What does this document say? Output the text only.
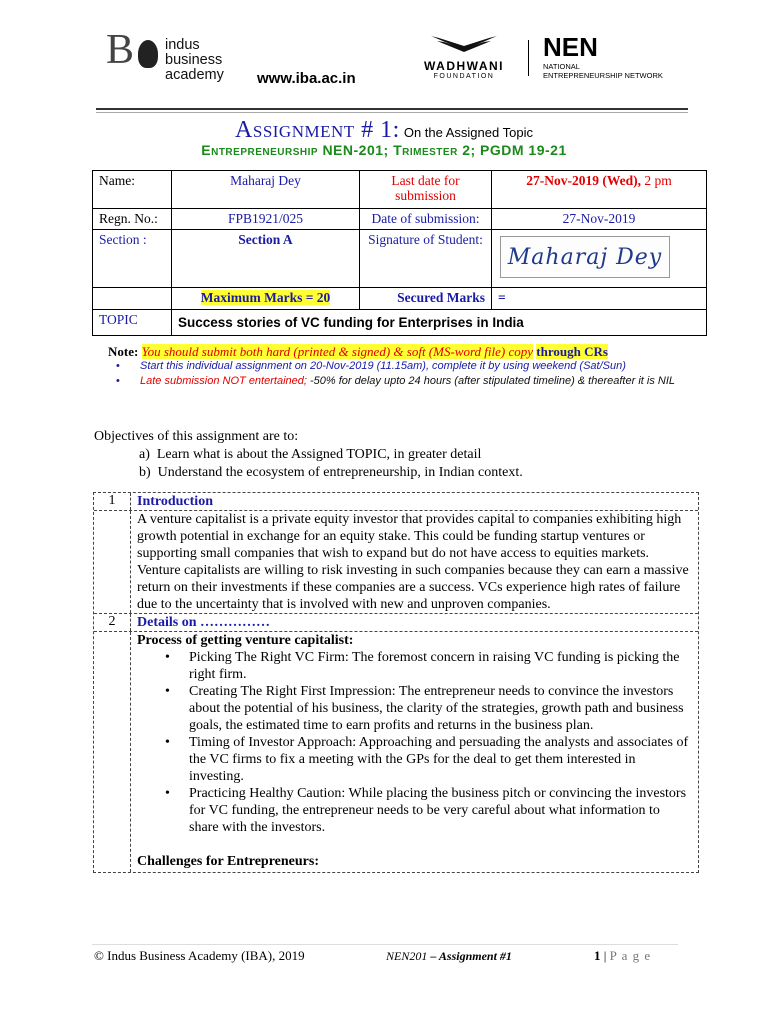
B indus
business
academy www.iba.ac.in
WADHWANI
FOUNDATION
NEN
NATIONAL
ENTREPRENEURSHIP NETWORK
Assignment # 1: On the Assigned Topic
Entrepreneurship NEN-201; Trimester 2; PGDM 19-21
Name:	Maharaj Dey	Last date for submission	27-Nov-2019 (Wed), 2 pm
Regn. No.:	FPB1921/025	Date of submission:	27-Nov-2019
Section :	Section A	Signature of Student:	Maharaj Dey

	Maximum Marks = 20	Secured Marks	=
TOPIC	Success stories of VC funding for Enterprises in India		
Note: You should submit both hard (printed & signed) & soft (MS-word file) copy through CRs
• Start this individual assignment on 20-Nov-2019 (11.15am), complete it by using weekend (Sat/Sun)
• Late submission NOT entertained; -50% for delay upto 24 hours (after stipulated timeline) & thereafter it is NIL
Objectives of this assignment are to:
a)  Learn what is about the Assigned TOPIC, in greater detail
b)  Understand the ecosystem of entrepreneurship, in Indian context.
1	Introduction
A venture capitalist is a private equity investor that provides capital to companies exhibiting high growth potential in exchange for an equity stake. This could be funding startup ventures or supporting small companies that wish to expand but do not have access to equities markets. Venture capitalists are willing to risk investing in such companies because they can earn a massive return on their investments if these companies are a success. VCs experience high rates of failure due to the uncertainty that is involved with new and unproven companies.
2	Details on ……………
Process of getting venture capitalist:
• Picking The Right VC Firm: The foremost concern in raising VC funding is picking the right firm.
• Creating The Right First Impression: The entrepreneur needs to convince the investors about the potential of his business, the clarity of the strategies, growth path and business goals, the estimated time to earn profits and returns in the business plan.
• Timing of Investor Approach: Approaching and persuading the analysts and associates of the VC firms to fix a meeting with the GPs for the deal to get them interested in investing.
• Practicing Healthy Caution: While placing the business pitch or convincing the investors for VC funding, the entrepreneur needs to be very careful about what information to share with the investors.
Challenges for Entrepreneurs:
© Indus Business Academy (IBA), 2019	NEN201 – Assignment #1	1 | P a g e
